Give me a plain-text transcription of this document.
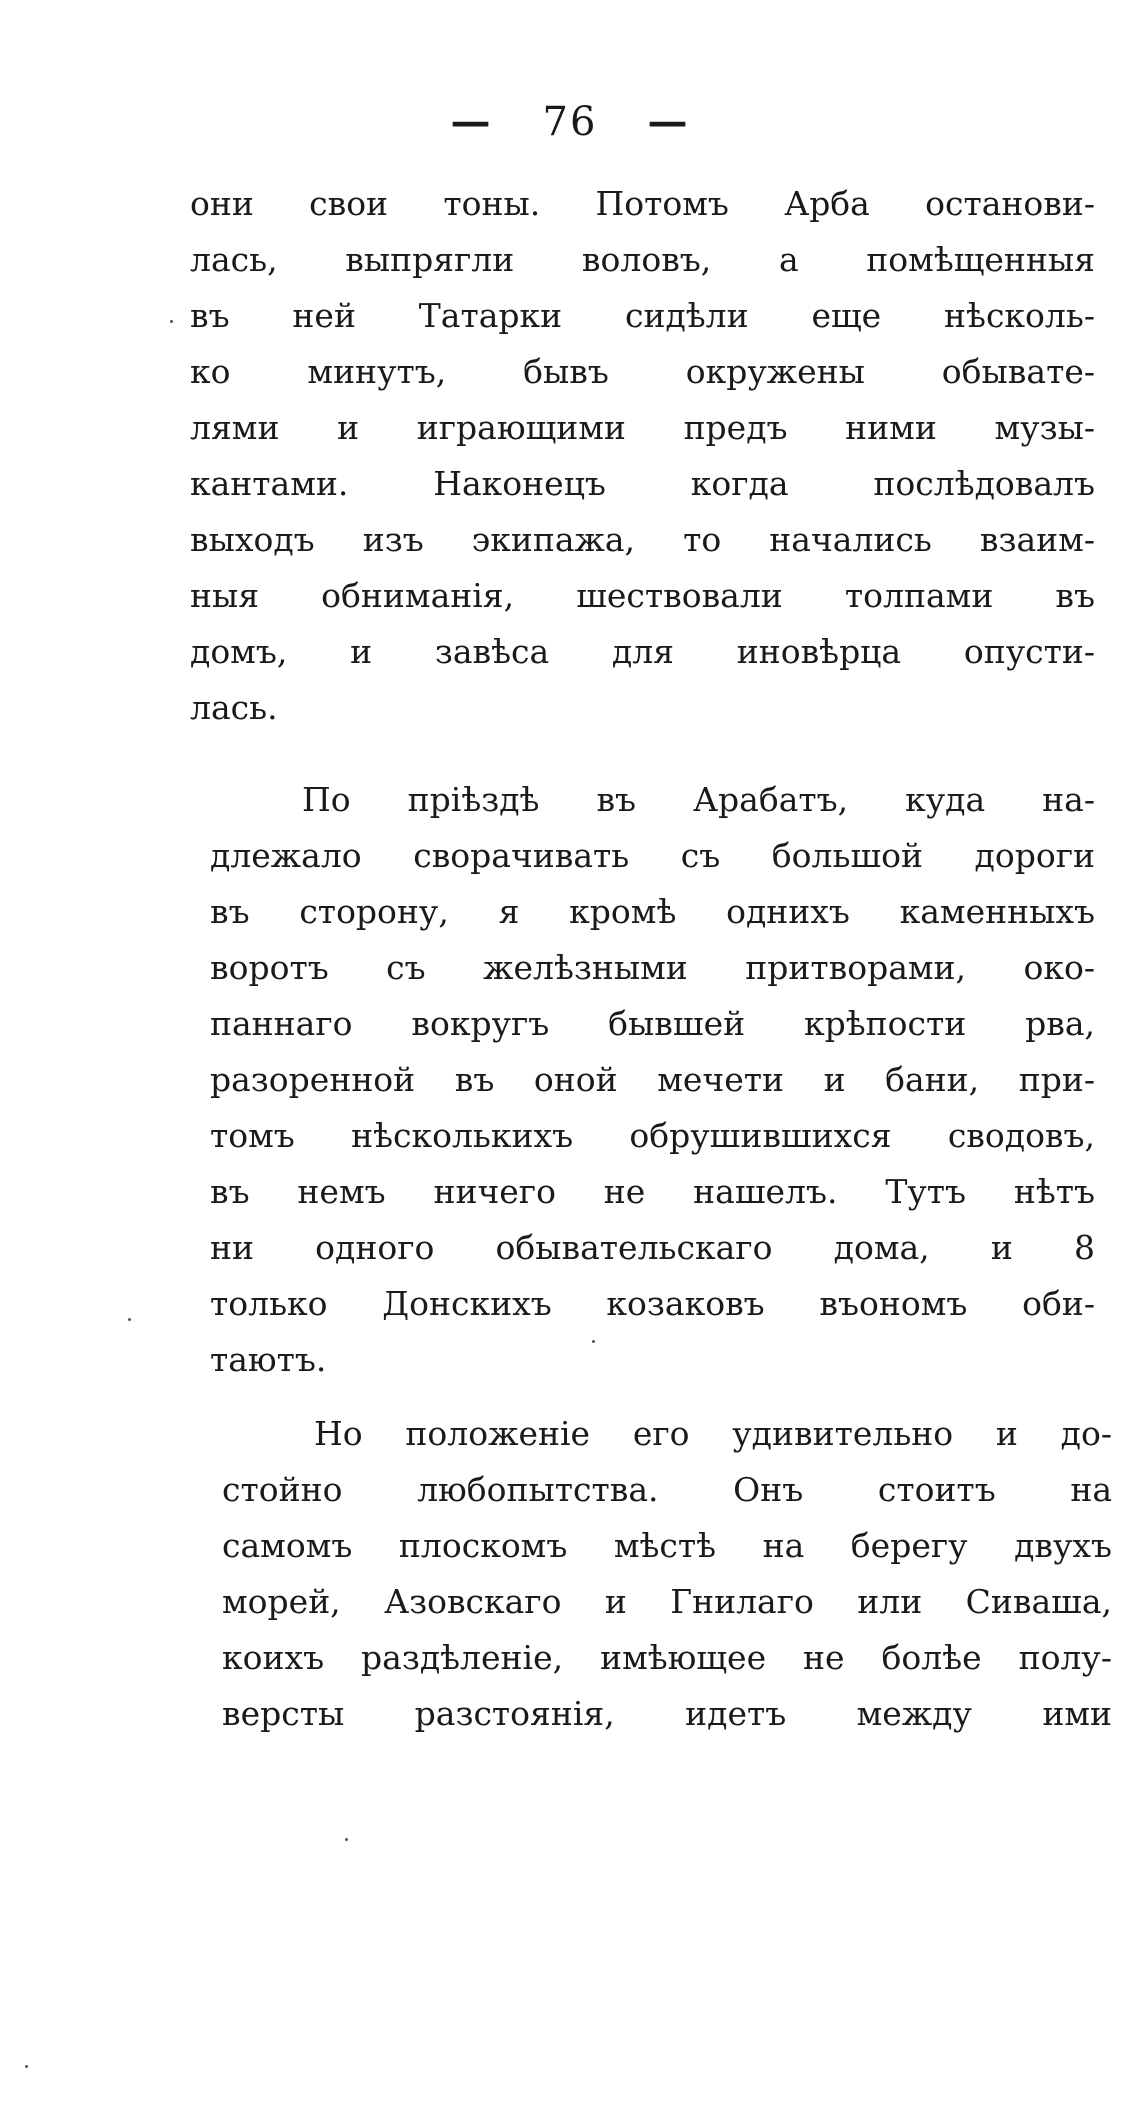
— 76 —
они свои тоны. Потомъ Арба останови-
лась, выпрягли воловъ, а помѣщенныя
въ ней Татарки сидѣли еще нѣсколь-
ко минутъ, бывъ окружены обывате-
лями и играющими предъ ними музы-
кантами. Наконецъ когда послѣдовалъ
выходъ изъ экипажа, то начались взаим-
ныя обниманія, шествовали толпами въ
домъ, и завѣса для иновѣрца опусти-
лась.
По пріѣздѣ въ Арабатъ, куда на-
длежало сворачивать съ большой дороги
въ сторону, я кромѣ однихъ каменныхъ
воротъ съ желѣзными притворами, око-
паннаго вокругъ бывшей крѣпости рва,
разоренной въ оной мечети и бани, при-
томъ нѣсколькихъ обрушившихся сводовъ,
въ немъ ничего не нашелъ. Тутъ нѣтъ
ни одного обывательскаго дома, и 8
только Донскихъ козаковъ въономъ оби-
таютъ.
Но положеніе его удивительно и до-
стойно любопытства. Онъ стоитъ на
самомъ плоскомъ мѣстѣ на берегу двухъ
морей, Азовскаго и Гнилаго или Сиваша,
коихъ раздѣленіе, имѣющее не болѣе полу-
версты разстоянія, идетъ между ими
